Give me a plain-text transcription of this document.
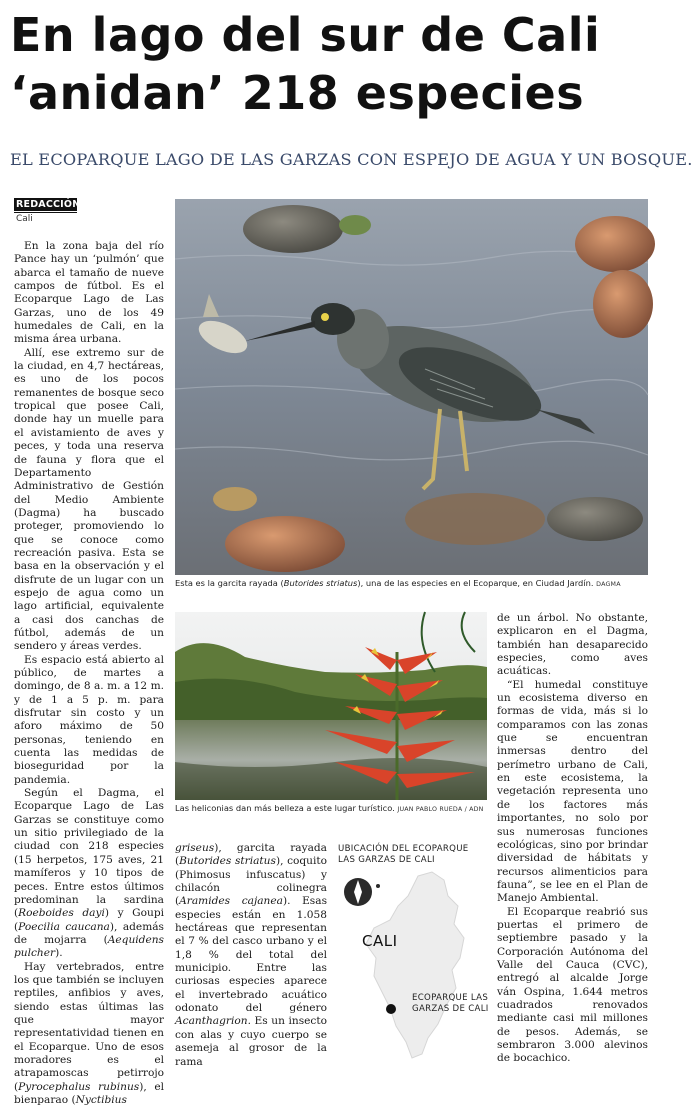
En lago del sur de Cali
‘anidan’ 218 especies
EL ECOPARQUE LAGO DE LAS GARZAS CON ESPEJO DE AGUA Y UN BOSQUE.
REDACCIÓN
Cali

En la zona baja del río Pance hay un ‘pulmón’ que abarca el tamaño de nueve campos de fútbol. Es el Ecoparque Lago de Las Garzas, uno de los 49 humedales de Cali, en la misma área urbana.

Allí, ese extremo sur de la ciudad, en 4,7 hectáreas, es uno de los pocos remanentes de bosque seco tropical que posee Cali, donde hay un muelle para el avistamiento de aves y peces, y toda una reserva de fauna y flora que el Departamento Administrativo de Gestión del Medio Ambiente (Dagma) ha buscado proteger, promoviendo lo que se conoce como recreación pasiva. Esta se basa en la observación y el disfrute de un lugar con un espejo de agua como un lago artificial, equivalente a casi dos canchas de fútbol, además de un sendero y áreas verdes.

Es espacio está abierto al público, de martes a domingo, de 8 a. m. a 12 m. y de 1 a 5 p. m. para disfrutar sin costo y un aforo máximo de 50 personas, teniendo en cuenta las medidas de bioseguridad por la pandemia.

Según el Dagma, el Ecoparque Lago de Las Garzas se constituye como un sitio privilegiado de la ciudad con 218 especies (15 herpetos, 175 aves, 21 mamíferos y 10 tipos de peces. Entre estos últimos predominan la sardina (Roeboides dayi) y Goupi (Poecilia caucana), además de mojarra (Aequidens pulcher).

Hay vertebrados, entre los que también se incluyen reptiles, anfibios y aves, siendo estas últimas las que mayor representatividad tienen en el Ecoparque. Uno de esos moradores es el atrapamoscas petirrojo (Pyrocephalus rubinus), el bienparao (Nyctibius

griseus), garcita rayada (Butorides striatus), coquito (Phimosus infuscatus) y chilacón colinegra (Aramides cajanea). Esas especies están en 1.058 hectáreas que representan el 7 % del casco urbano y el 1,8 % del total del municipio. Entre las curiosas especies aparece el invertebrado acuático odonato del género Acanthagrion. Es un insecto con alas y cuyo cuerpo se asemeja al grosor de la rama

de un árbol. No obstante, explicaron en el Dagma, también han desaparecido especies, como aves acuáticas.

“El humedal constituye un ecosistema diverso en formas de vida, más si lo comparamos con las zonas que se encuentran inmersas dentro del perímetro urbano de Cali, en este ecosistema, la vegetación representa uno de los factores más importantes, no solo por sus numerosas funciones ecológicas, sino por brindar diversidad de hábitats y recursos alimenticios para fauna”, se lee en el Plan de Manejo Ambiental.

El Ecoparque reabrió sus puertas el primero de septiembre pasado y la Corporación Autónoma del Valle del Cauca (CVC), entregó al alcalde Jorge ván Ospina, 1.644 metros cuadrados renovados mediante casi mil millones de pesos. Además, se sembraron 3.000 alevinos de bocachico.

Esta es la garcita rayada (Butorides striatus), una de las especies en el Ecoparque, en Ciudad Jardín. DAGMA
Las heliconias dan más belleza a este lugar turístico. JUAN PABLO RUEDA / ADN
UBICACIÓN DEL ECOPARQUE LAS GARZAS DE CALI
CALI
ECOPARQUE LAS GARZAS DE CALI
